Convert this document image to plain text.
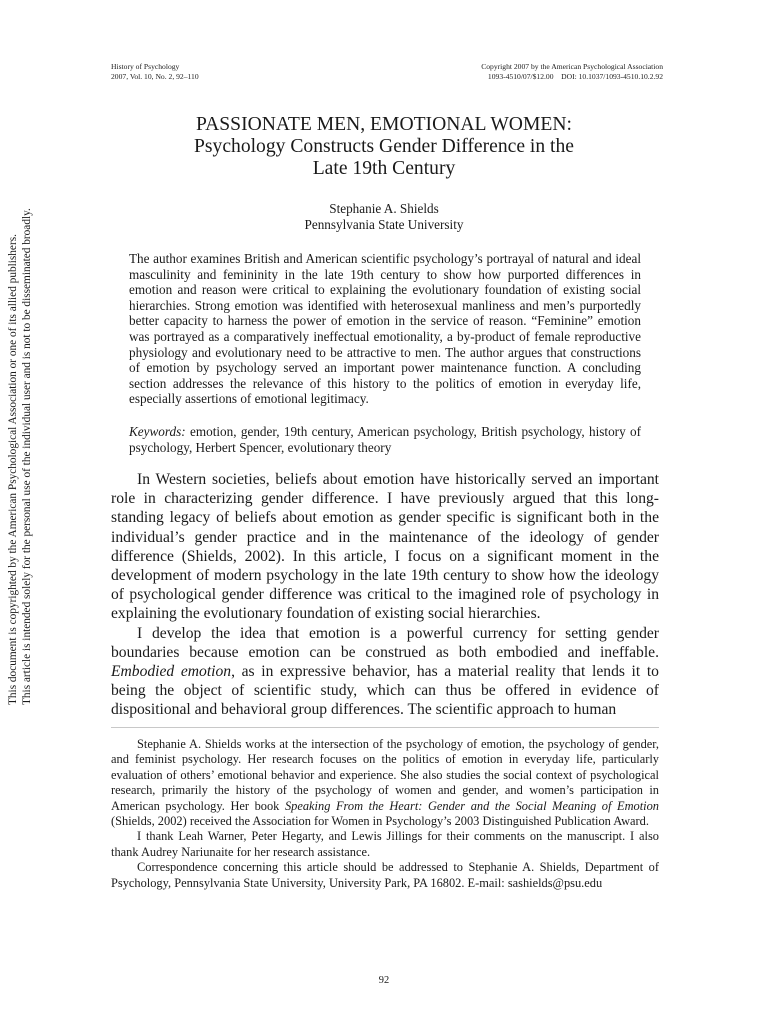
History of Psychology
2007, Vol. 10, No. 2, 92–110
Copyright 2007 by the American Psychological Association
1093-4510/07/$12.00    DOI: 10.1037/1093-4510.10.2.92
This document is copyrighted by the American Psychological Association or one of its allied publishers. This article is intended solely for the personal use of the individual user and is not to be disseminated broadly.
PASSIONATE MEN, EMOTIONAL WOMEN:
Psychology Constructs Gender Difference in the
Late 19th Century
Stephanie A. Shields
Pennsylvania State University

The author examines British and American scientific psychology’s portrayal of natural and ideal masculinity and femininity in the late 19th century to show how purported differences in emotion and reason were critical to explaining the evolutionary foundation of existing social hierarchies. Strong emotion was identified with heterosexual manliness and men’s purportedly better capacity to harness the power of emotion in the service of reason. “Feminine” emotion was portrayed as a comparatively ineffectual emotionality, a by-product of female reproductive physiology and evolutionary need to be attractive to men. The author argues that constructions of emotion by psychology served an important power maintenance function. A concluding section addresses the relevance of this history to the politics of emotion in everyday life, especially assertions of emotional legitimacy.

Keywords: emotion, gender, 19th century, American psychology, British psychology, history of psychology, Herbert Spencer, evolutionary theory

In Western societies, beliefs about emotion have historically served an important role in characterizing gender difference. I have previously argued that this long-standing legacy of beliefs about emotion as gender specific is significant both in the individual’s gender practice and in the maintenance of the ideology of gender difference (Shields, 2002). In this article, I focus on a significant moment in the development of modern psychology in the late 19th century to show how the ideology of psychological gender difference was critical to the imagined role of psychology in explaining the evolutionary foundation of existing social hierarchies.

I develop the idea that emotion is a powerful currency for setting gender boundaries because emotion can be construed as both embodied and ineffable. Embodied emotion, as in expressive behavior, has a material reality that lends it to being the object of scientific study, which can thus be offered in evidence of dispositional and behavioral group differences. The scientific approach to human

Stephanie A. Shields works at the intersection of the psychology of emotion, the psychology of gender, and feminist psychology. Her research focuses on the politics of emotion in everyday life, particularly evaluation of others’ emotional behavior and experience. She also studies the social context of psychological research, primarily the history of the psychology of women and gender, and women’s participation in American psychology. Her book Speaking From the Heart: Gender and the Social Meaning of Emotion (Shields, 2002) received the Association for Women in Psychology’s 2003 Distinguished Publication Award.

I thank Leah Warner, Peter Hegarty, and Lewis Jillings for their comments on the manuscript. I also thank Audrey Nariunaite for her research assistance.

Correspondence concerning this article should be addressed to Stephanie A. Shields, Department of Psychology, Pennsylvania State University, University Park, PA 16802. E-mail: sashields@psu.edu

92
